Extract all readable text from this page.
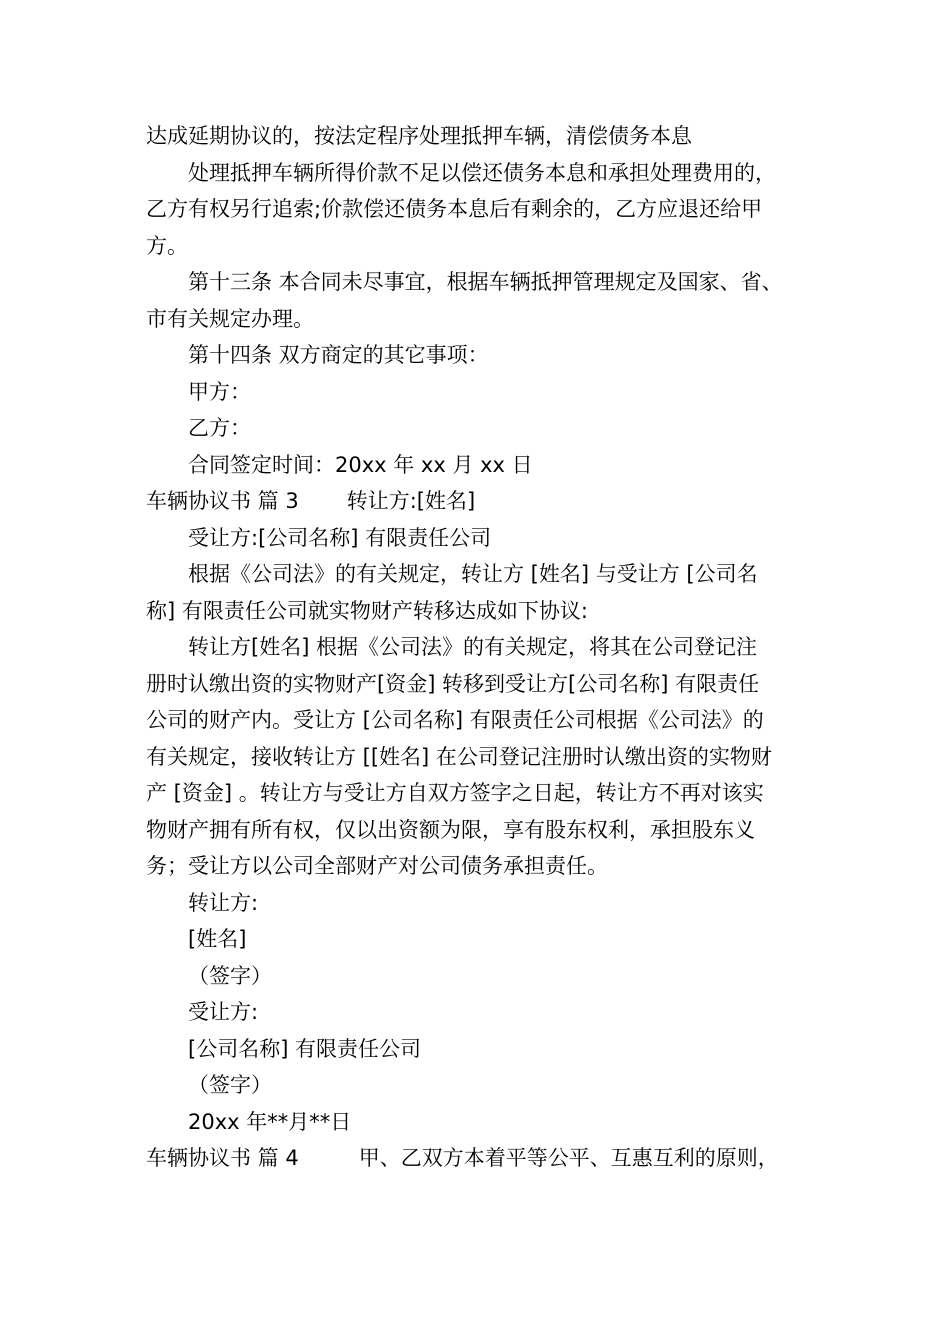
达成延期协议的，按法定程序处理抵押车辆，清偿债务本息
处理抵押车辆所得价款不足以偿还债务本息和承担处理费用的，
乙方有权另行追索;价款偿还债务本息后有剩余的，乙方应退还给甲
方。
第十三条 本合同未尽事宜，根据车辆抵押管理规定及国家、省、
市有关规定办理。
第十四条 双方商定的其它事项：
甲方：
乙方：
合同签定时间：20xx 年 xx 月 xx 日
车辆协议书 篇 3 转让方:[姓名]
受让方:[公司名称] 有限责任公司
根据《公司法》的有关规定，转让方 [姓名] 与受让方 [公司名
称] 有限责任公司就实物财产转移达成如下协议:
转让方[姓名] 根据《公司法》的有关规定，将其在公司登记注
册时认缴出资的实物财产[资金] 转移到受让方[公司名称] 有限责任
公司的财产内。受让方 [公司名称] 有限责任公司根据《公司法》的
有关规定，接收转让方 [[姓名] 在公司登记注册时认缴出资的实物财
产 [资金] 。转让方与受让方自双方签字之日起，转让方不再对该实
物财产拥有所有权，仅以出资额为限，享有股东权利，承担股东义
务；受让方以公司全部财产对公司债务承担责任。
转让方:
[姓名]
（签字）
受让方:
[公司名称] 有限责任公司
（签字）
20xx 年**月**日
车辆协议书 篇 4	甲、乙双方本着平等公平、互惠互利的原则，
